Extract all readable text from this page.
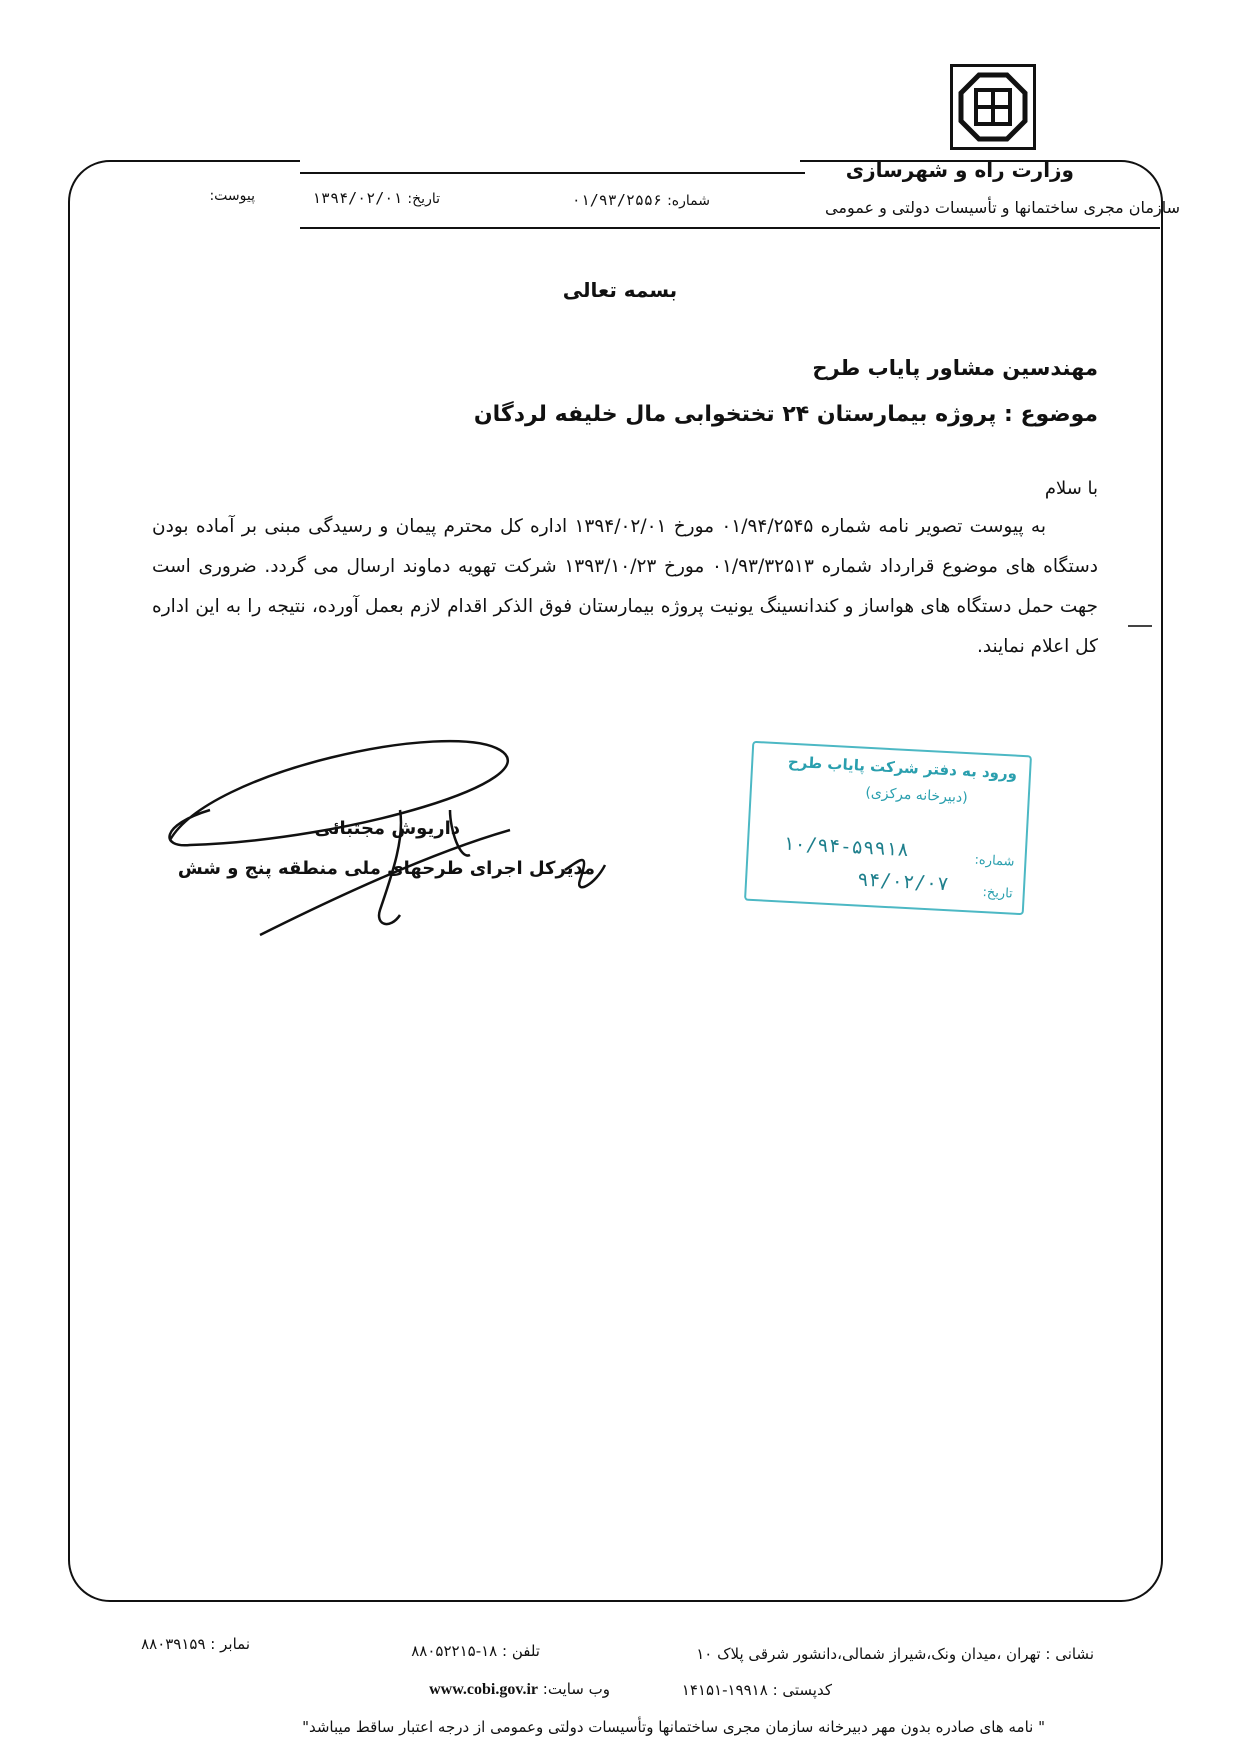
وزارت راه و شهرسازی
سازمان مجری ساختمانها و تأسیسات دولتی و عمومی
شماره: ۰۱/۹۳/۲۵۵۶
تاریخ: ۱۳۹۴/۰۲/۰۱
پیوست:
بسمه تعالی
مهندسین مشاور پایاب طرح
موضوع : پروژه بیمارستان ۲۴ تختخوابی مال خلیفه لردگان
با سلام
به پیوست تصویر نامه شماره ۰۱/۹۴/۲۵۴۵ مورخ ۱۳۹۴/۰۲/۰۱ اداره کل محترم پیمان و رسیدگی مبنی بر آماده بودن دستگاه های موضوع قرارداد شماره ۰۱/۹۳/۳۲۵۱۳ مورخ ۱۳۹۳/۱۰/۲۳ شرکت تهویه دماوند ارسال می گردد. ضروری است جهت حمل دستگاه های هواساز و کندانسینگ یونیت پروژه بیمارستان فوق الذکر اقدام لازم بعمل آورده، نتیجه را به این اداره کل اعلام نمایند.
داریوش مجتبائی
مدیرکل اجرای طرحهای ملی منطقه پنج و شش
ورود به دفتر شرکت پایاب طرح
(دبیرخانه مرکزی)
شماره:
۱۰/۹۴-۵۹۹۱۸
تاریخ:
۹۴/۰۲/۰۷
نشانی : تهران ،میدان ونک،شیراز شمالی،دانشور شرقی پلاک ۱۰
تلفن : ۱۸-۸۸۰۵۲۲۱۵
نمابر : ۸۸۰۳۹۱۵۹
کدپستی : ۱۹۹۱۸-۱۴۱۵۱
وب سایت: www.cobi.gov.ir
" نامه های صادره بدون مهر دبیرخانه سازمان مجری ساختمانها وتأسیسات دولتی وعمومی از درجه اعتبار ساقط میباشد"
